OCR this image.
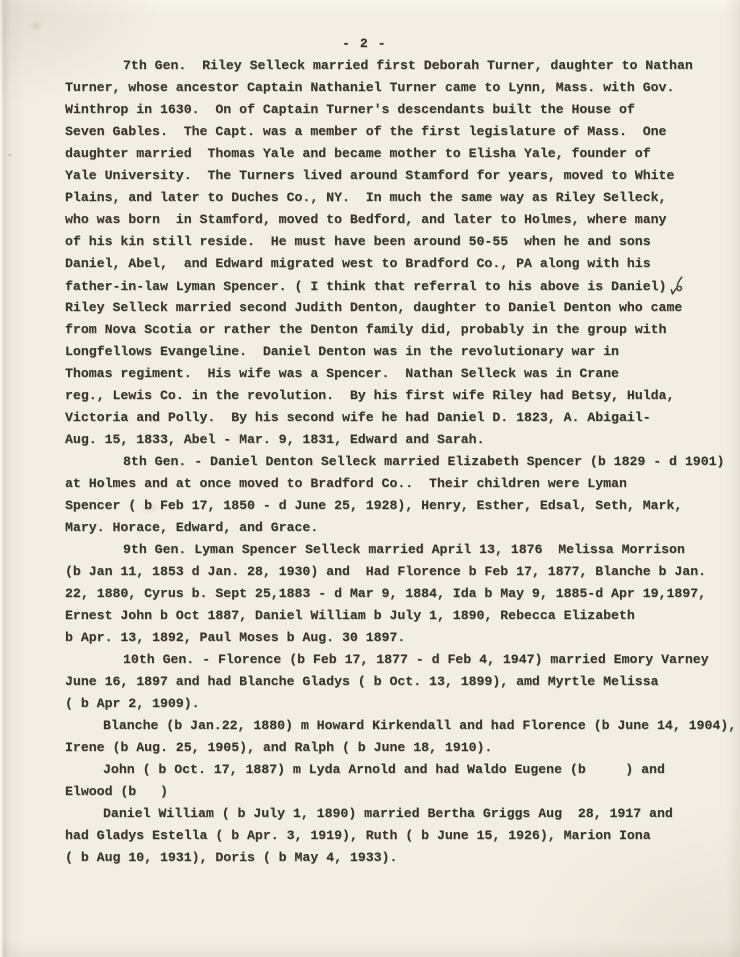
- 2 -
7th Gen.  Riley Selleck married first Deborah Turner, daughter to Nathan
Turner, whose ancestor Captain Nathaniel Turner came to Lynn, Mass. with Gov.
Winthrop in 1630.  On of Captain Turner's descendants built the House of
Seven Gables.  The Capt. was a member of the first legislature of Mass.  One
daughter married  Thomas Yale and became mother to Elisha Yale, founder of
Yale University.  The Turners lived around Stamford for years, moved to White
Plains, and later to Duches Co., NY.  In much the same way as Riley Selleck,
who was born  in Stamford, moved to Bedford, and later to Holmes, where many
of his kin still reside.  He must have been around 50-55  when he and sons
Daniel, Abel,  and Edward migrated west to Bradford Co., PA along with his
father-in-law Lyman Spencer. ( I think that referral to his above is Daniel)
Riley Selleck married second Judith Denton, daughter to Daniel Denton who came
from Nova Scotia or rather the Denton family did, probably in the group with
Longfellows Evangeline.  Daniel Denton was in the revolutionary war in
Thomas regiment.  His wife was a Spencer.  Nathan Selleck was in Crane
reg., Lewis Co. in the revolution.  By his first wife Riley had Betsy, Hulda,
Victoria and Polly.  By his second wife he had Daniel D. 1823, A. Abigail-
Aug. 15, 1833, Abel - Mar. 9, 1831, Edward and Sarah.
8th Gen. - Daniel Denton Selleck married Elizabeth Spencer (b 1829 - d 1901)
at Holmes and at once moved to Bradford Co..  Their children were Lyman
Spencer ( b Feb 17, 1850 - d June 25, 1928), Henry, Esther, Edsal, Seth, Mark,
Mary. Horace, Edward, and Grace.
9th Gen. Lyman Spencer Selleck married April 13, 1876  Melissa Morrison
(b Jan 11, 1853 d Jan. 28, 1930) and  Had Florence b Feb 17, 1877, Blanche b Jan.
22, 1880, Cyrus b. Sept 25,1883 - d Mar 9, 1884, Ida b May 9, 1885-d Apr 19,1897,
Ernest John b Oct 1887, Daniel William b July 1, 1890, Rebecca Elizabeth
b Apr. 13, 1892, Paul Moses b Aug. 30 1897.
10th Gen. - Florence (b Feb 17, 1877 - d Feb 4, 1947) married Emory Varney
June 16, 1897 and had Blanche Gladys ( b Oct. 13, 1899), amd Myrtle Melissa
( b Apr 2, 1909).
Blanche (b Jan.22, 1880) m Howard Kirkendall and had Florence (b June 14, 1904),
Irene (b Aug. 25, 1905), and Ralph ( b June 18, 1910).
John ( b Oct. 17, 1887) m Lyda Arnold and had Waldo Eugene (b     ) and
Elwood (b   )
Daniel William ( b July 1, 1890) married Bertha Griggs Aug  28, 1917 and
had Gladys Estella ( b Apr. 3, 1919), Ruth ( b June 15, 1926), Marion Iona
( b Aug 10, 1931), Doris ( b May 4, 1933).
